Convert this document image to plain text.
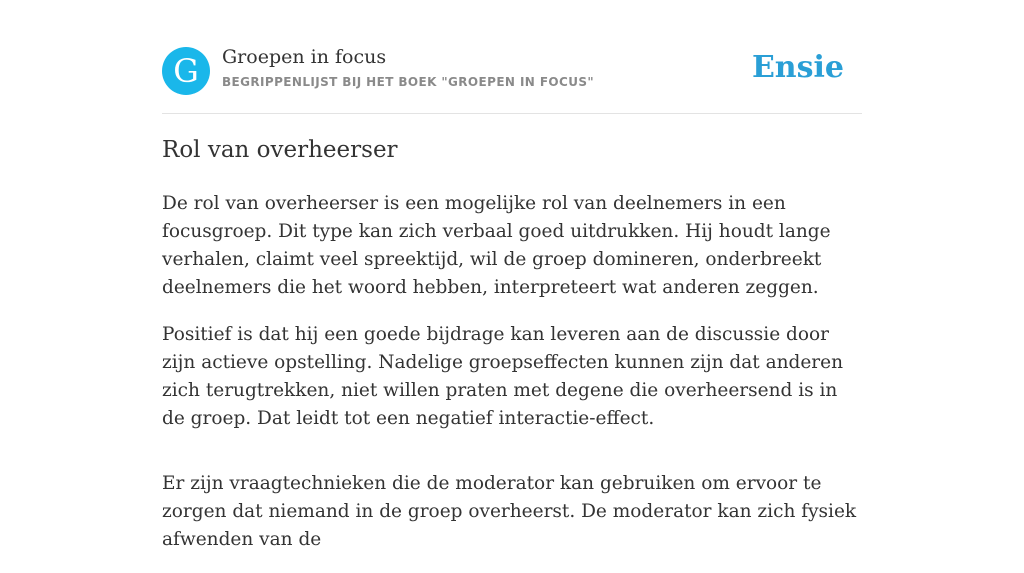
G	Groepen in focus
BEGRIPPENLIJST BIJ HET BOEK "GROEPEN IN FOCUS"	Ensie
Rol van overheerser

De rol van overheerser is een mogelijke rol van deelnemers in een focusgroep. Dit type kan zich verbaal goed uitdrukken. Hij houdt lange verhalen, claimt veel spreektijd, wil de groep domineren, onderbreekt deelnemers die het woord hebben, interpreteert wat anderen zeggen.

Positief is dat hij een goede bijdrage kan leveren aan de discussie door zijn actieve opstelling. Nadelige groepseffecten kunnen zijn dat anderen zich terugtrekken, niet willen praten met degene die overheersend is in de groep. Dat leidt tot een negatief interactie-effect.

Er zijn vraagtechnieken die de moderator kan gebruiken om ervoor te zorgen dat niemand in de groep overheerst. De moderator kan zich fysiek afwenden van de
